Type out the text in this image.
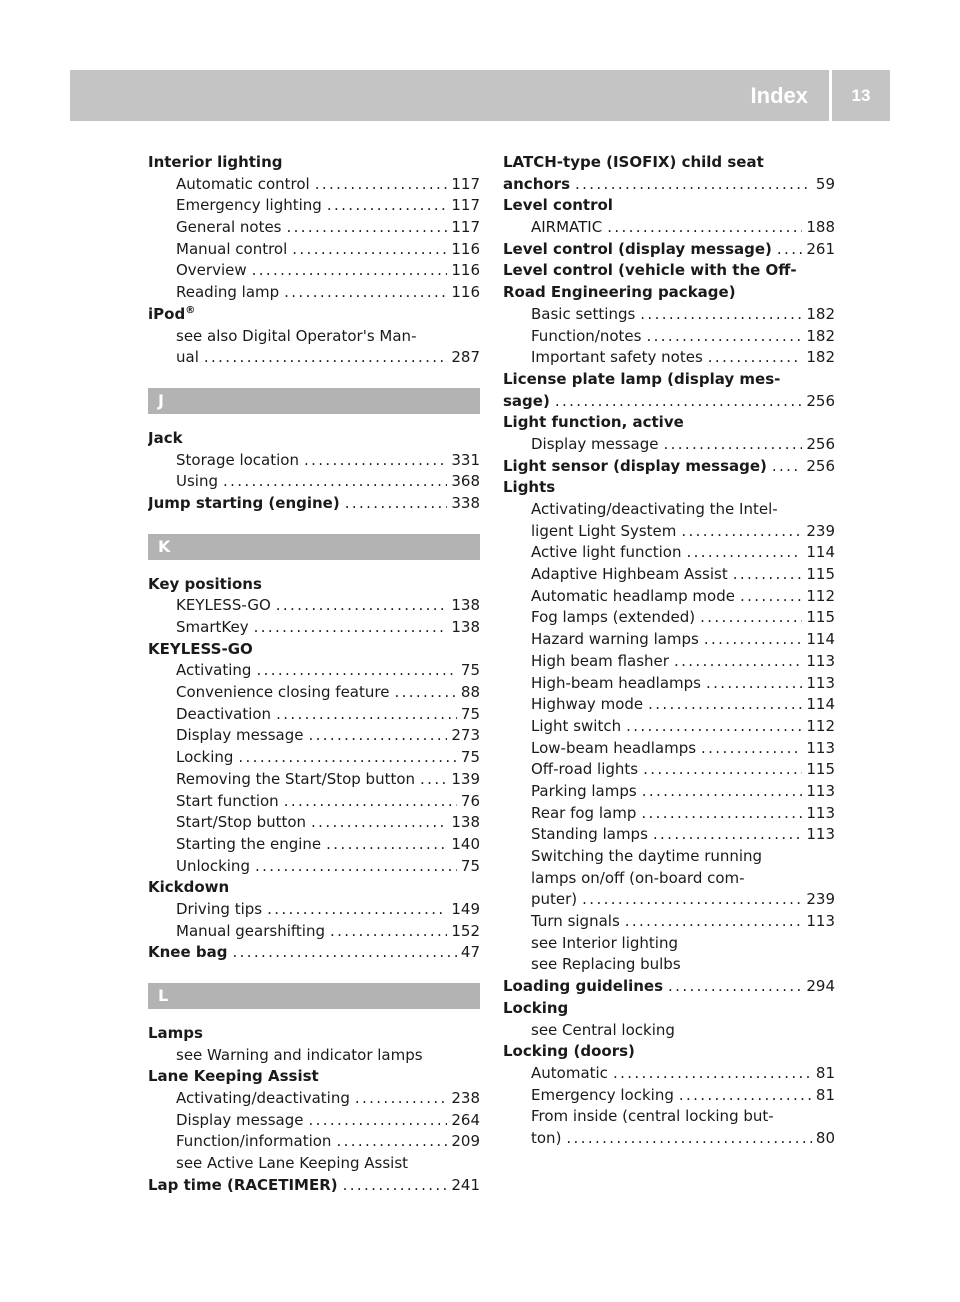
Index	13
Interior lighting
Automatic control . . .	117
Emergency lighting . . .	117
General notes . . .	117
Manual control . . .	116
Overview . . .	116
Reading lamp . . .	116
iPod®
see also Digital Operator's Man-
ual . . .	287
J
Jack
Storage location . . .	331
Using . . .	368
Jump starting (engine) . . .	338
K
Key positions
KEYLESS-GO . . .	138
SmartKey . . .	138
KEYLESS-GO
Activating . . .	75
Convenience closing feature . . .	88
Deactivation . . .	75
Display message . . .	273
Locking . . .	75
Removing the Start/Stop button . . . 139
Start function . . .	76
Start/Stop button . . .	138
Starting the engine . . .	140
Unlocking . . .	75
Kickdown
Driving tips . . .	149
Manual gearshifting . . .	152
Knee bag . . .	47
L
Lamps
see Warning and indicator lamps
Lane Keeping Assist
Activating/deactivating . . .	238
Display message . . .	264
Function/information . . .	209
see Active Lane Keeping Assist
Lap time (RACETIMER) . . .	241
LATCH-type (ISOFIX) child seat
anchors . . .	59
Level control
AIRMATIC . . .	188
Level control (display message) . . . 261
Level control (vehicle with the Off-
Road Engineering package)
Basic settings . . .	182
Function/notes . . .	182
Important safety notes . . .	182
License plate lamp (display mes-
sage) . . .	256
Light function, active
Display message . . .	256
Light sensor (display message) . . .	256
Lights
Activating/deactivating the Intel-
ligent Light System . . .	239
Active light function . . .	114
Adaptive Highbeam Assist . . .	115
Automatic headlamp mode . . .	112
Fog lamps (extended) . . .	115
Hazard warning lamps . . .	114
High beam flasher . . .	113
High-beam headlamps . . .	113
Highway mode . . .	114
Light switch . . .	112
Low-beam headlamps . . .	113
Off-road lights . . .	115
Parking lamps . . .	113
Rear fog lamp . . .	113
Standing lamps . . .	113
Switching the daytime running
lamps on/off (on-board com-
puter) . . .	239
Turn signals . . .	113
see Interior lighting
see Replacing bulbs
Loading guidelines . . .	294
Locking
see Central locking
Locking (doors)
Automatic . . .	81
Emergency locking . . .	81
From inside (central locking but-
ton) . . .	80
